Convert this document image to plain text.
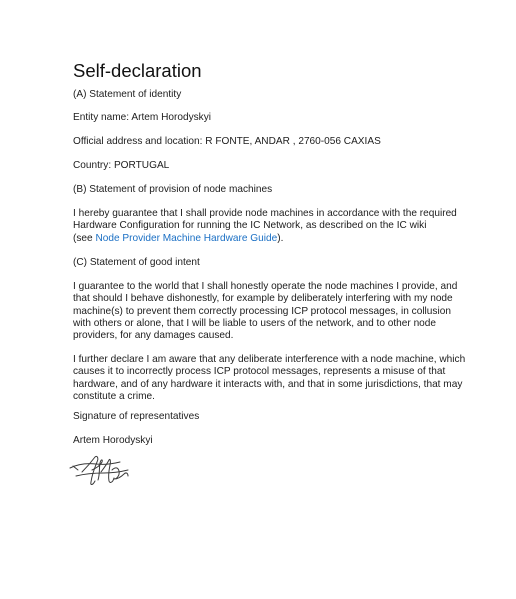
Self-declaration
(A) Statement of identity
Entity name: Artem Horodyskyi
Official address and location: R FONTE, ANDAR , 2760-056 CAXIAS
Country: PORTUGAL
(B) Statement of provision of node machines
I hereby guarantee that I shall provide node machines in accordance with the required
Hardware Configuration for running the IC Network, as described on the IC wiki
(see Node Provider Machine Hardware Guide).
(C) Statement of good intent
I guarantee to the world that I shall honestly operate the node machines I provide, and
that should I behave dishonestly, for example by deliberately interfering with my node
machine(s) to prevent them correctly processing ICP protocol messages, in collusion
with others or alone, that I will be liable to users of the network, and to other node
providers, for any damages caused.
I further declare I am aware that any deliberate interference with a node machine, which
causes it to incorrectly process ICP protocol messages, represents a misuse of that
hardware, and of any hardware it interacts with, and that in some jurisdictions, that may
constitute a crime.
Signature of representatives
Artem Horodyskyi
